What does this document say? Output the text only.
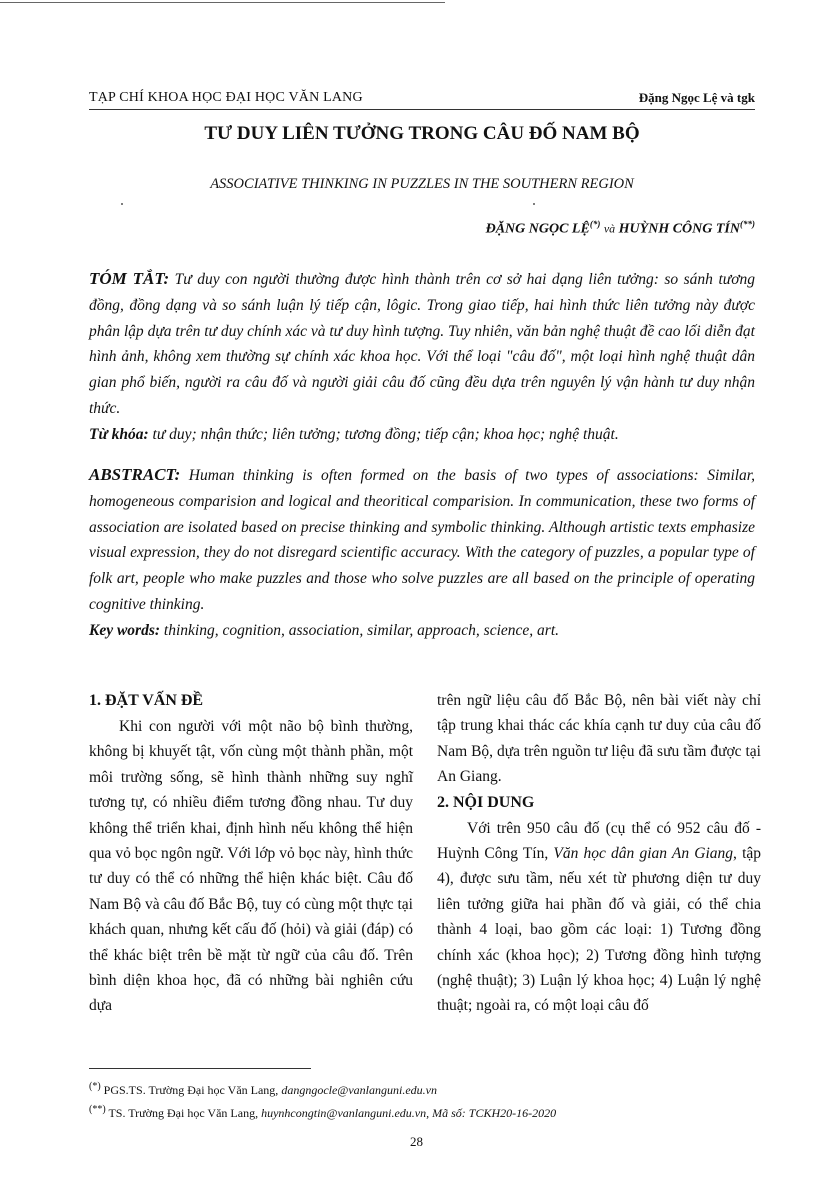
TẠP CHÍ KHOA HỌC ĐẠI HỌC VĂN LANG	Đặng Ngọc Lệ và tgk
TƯ DUY LIÊN TƯỞNG TRONG CÂU ĐỐ NAM BỘ
ASSOCIATIVE THINKING IN PUZZLES IN THE SOUTHERN REGION
ĐẶNG NGỌC LỆ(*) và HUỲNH CÔNG TÍN(**)
TÓM TẮT: Tư duy con người thường được hình thành trên cơ sở hai dạng liên tưởng: so sánh tương đồng, đồng dạng và so sánh luận lý tiếp cận, lôgic. Trong giao tiếp, hai hình thức liên tưởng này được phân lập dựa trên tư duy chính xác và tư duy hình tượng. Tuy nhiên, văn bản nghệ thuật đề cao lối diễn đạt hình ảnh, không xem thường sự chính xác khoa học. Với thể loại "câu đố", một loại hình nghệ thuật dân gian phổ biến, người ra câu đố và người giải câu đố cũng đều dựa trên nguyên lý vận hành tư duy nhận thức.
Từ khóa: tư duy; nhận thức; liên tưởng; tương đồng; tiếp cận; khoa học; nghệ thuật.
ABSTRACT: Human thinking is often formed on the basis of two types of associations: Similar, homogeneous comparision and logical and theoritical comparision. In communication, these two forms of association are isolated based on precise thinking and symbolic thinking. Although artistic texts emphasize visual expression, they do not disregard scientific accuracy. With the category of puzzles, a popular type of folk art, people who make puzzles and those who solve puzzles are all based on the principle of operating cognitive thinking.
Key words: thinking, cognition, association, similar, approach, science, art.
1. ĐẶT VẤN ĐỀ
Khi con người với một não bộ bình thường, không bị khuyết tật, vốn cùng một thành phần, một môi trường sống, sẽ hình thành những suy nghĩ tương tự, có nhiều điểm tương đồng nhau. Tư duy không thể triển khai, định hình nếu không thể hiện qua vỏ bọc ngôn ngữ. Với lớp vỏ bọc này, hình thức tư duy có thể có những thể hiện khác biệt. Câu đố Nam Bộ và câu đố Bắc Bộ, tuy có cùng một thực tại khách quan, nhưng kết cấu đố (hỏi) và giải (đáp) có thể khác biệt trên bề mặt từ ngữ của câu đố. Trên bình diện khoa học, đã có những bài nghiên cứu dựa
trên ngữ liệu câu đố Bắc Bộ, nên bài viết này chỉ tập trung khai thác các khía cạnh tư duy của câu đố Nam Bộ, dựa trên nguồn tư liệu đã sưu tầm được tại An Giang.
2. NỘI DUNG
Với trên 950 câu đố (cụ thể có 952 câu đố - Huỳnh Công Tín, Văn học dân gian An Giang, tập 4), được sưu tầm, nếu xét từ phương diện tư duy liên tưởng giữa hai phần đố và giải, có thể chia thành 4 loại, bao gồm các loại: 1) Tương đồng chính xác (khoa học); 2) Tương đồng hình tượng (nghệ thuật); 3) Luận lý khoa học; 4) Luận lý nghệ thuật; ngoài ra, có một loại câu đố
(*) PGS.TS. Trường Đại học Văn Lang, dangngocle@vanlanguni.edu.vn
(**) TS. Trường Đại học Văn Lang, huynhcongtin@vanlanguni.edu.vn, Mã số: TCKH20-16-2020
28
